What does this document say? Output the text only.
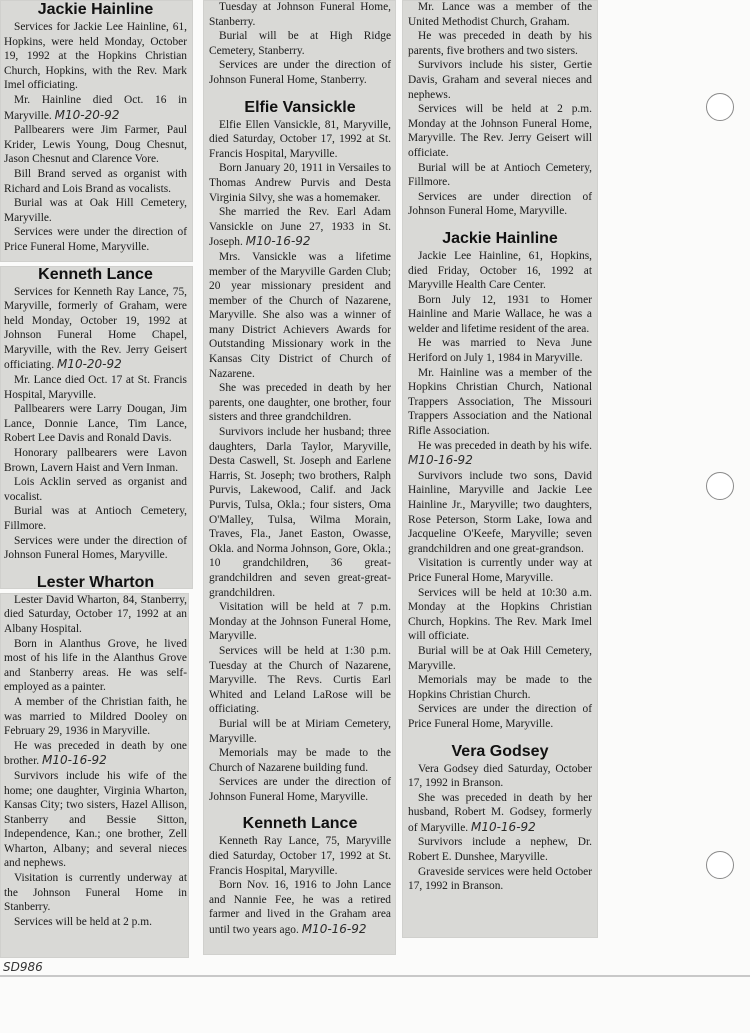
Jackie Hainline

Services for Jackie Lee Hainline, 61, Hopkins, were held Monday, October 19, 1992 at the Hopkins Christian Church, Hopkins, with the Rev. Mark Imel officiating.

Mr. Hainline died Oct. 16 in Maryville. M10-20-92

Pallbearers were Jim Farmer, Paul Krider, Lewis Young, Doug Chesnut, Jason Chesnut and Clarence Vore.

Bill Brand served as organist with Richard and Lois Brand as vocalists.

Burial was at Oak Hill Cemetery, Maryville.

Services were under the direction of Price Funeral Home, Maryville.

Kenneth Lance

Services for Kenneth Ray Lance, 75, Maryville, formerly of Graham, were held Monday, October 19, 1992 at Johnson Funeral Home Chapel, Maryville, with the Rev. Jerry Geisert officiating. M10-20-92

Mr. Lance died Oct. 17 at St. Francis Hospital, Maryville.

Pallbearers were Larry Dougan, Jim Lance, Donnie Lance, Tim Lance, Robert Lee Davis and Ronald Davis.

Honorary pallbearers were Lavon Brown, Lavern Haist and Vern Inman.

Lois Acklin served as organist and vocalist.

Burial was at Antioch Cemetery, Fillmore.

Services were under the direction of Johnson Funeral Homes, Maryville.

Lester Wharton

Lester David Wharton, 84, Stanberry, died Saturday, October 17, 1992 at an Albany Hospital.

Born in Alanthus Grove, he lived most of his life in the Alanthus Grove and Stanberry areas. He was self-employed as a painter.

A member of the Christian faith, he was married to Mildred Dooley on February 29, 1936 in Maryville.

He was preceded in death by one brother. M10-16-92

Survivors include his wife of the home; one daughter, Virginia Wharton, Kansas City; two sisters, Hazel Allison, Stanberry and Bessie Sitton, Independence, Kan.; one brother, Zell Wharton, Albany; and several nieces and nephews.

Visitation is currently underway at the Johnson Funeral Home in Stanberry.

Services will be held at 2 p.m.

Tuesday at Johnson Funeral Home, Stanberry.

Burial will be at High Ridge Cemetery, Stanberry.

Services are under the direction of Johnson Funeral Home, Stanberry.

Elfie Vansickle

Elfie Ellen Vansickle, 81, Maryville, died Saturday, October 17, 1992 at St. Francis Hospital, Maryville.

Born January 20, 1911 in Versailes to Thomas Andrew Purvis and Desta Virginia Silvy, she was a homemaker.

She married the Rev. Earl Adam Vansickle on June 27, 1933 in St. Joseph. M10-16-92

Mrs. Vansickle was a lifetime member of the Maryville Garden Club; 20 year missionary president and member of the Church of Nazarene, Maryville. She also was a winner of many District Achievers Awards for Outstanding Missionary work in the Kansas City District of Church of Nazarene.

She was preceded in death by her parents, one daughter, one brother, four sisters and three grandchildren.

Survivors include her husband; three daughters, Darla Taylor, Maryville, Desta Caswell, St. Joseph and Earlene Harris, St. Joseph; two brothers, Ralph Purvis, Lakewood, Calif. and Jack Purvis, Tulsa, Okla.; four sisters, Oma O'Malley, Tulsa, Wilma Morain, Traves, Fla., Janet Easton, Owasse, Okla. and Norma Johnson, Gore, Okla.; 10 grandchildren, 36 great-grandchildren and seven great-great-grandchildren.

Visitation will be held at 7 p.m. Monday at the Johnson Funeral Home, Maryville.

Services will be held at 1:30 p.m. Tuesday at the Church of Nazarene, Maryville. The Revs. Curtis Earl Whited and Leland LaRose will be officiating.

Burial will be at Miriam Cemetery, Maryville.

Memorials may be made to the Church of Nazarene building fund.

Services are under the direction of Johnson Funeral Home, Maryville.

Kenneth Lance

Kenneth Ray Lance, 75, Maryville died Saturday, October 17, 1992 at St. Francis Hospital, Maryville.

Born Nov. 16, 1916 to John Lance and Nannie Fee, he was a retired farmer and lived in the Graham area until two years ago. M10-16-92

Mr. Lance was a member of the United Methodist Church, Graham.

He was preceded in death by his parents, five brothers and two sisters.

Survivors include his sister, Gertie Davis, Graham and several nieces and nephews.

Services will be held at 2 p.m. Monday at the Johnson Funeral Home, Maryville. The Rev. Jerry Geisert will officiate.

Burial will be at Antioch Cemetery, Fillmore.

Services are under direction of Johnson Funeral Home, Maryville.

Jackie Hainline

Jackie Lee Hainline, 61, Hopkins, died Friday, October 16, 1992 at Maryville Health Care Center.

Born July 12, 1931 to Homer Hainline and Marie Wallace, he was a welder and lifetime resident of the area.

He was married to Neva June Heriford on July 1, 1984 in Maryville.

Mr. Hainline was a member of the Hopkins Christian Church, National Trappers Association, The Missouri Trappers Association and the National Rifle Association.

He was preceded in death by his wife. M10-16-92

Survivors include two sons, David Hainline, Maryville and Jackie Lee Hainline Jr., Maryville; two daughters, Rose Peterson, Storm Lake, Iowa and Jacqueline O'Keefe, Maryville; seven grandchildren and one great-grandson.

Visitation is currently under way at Price Funeral Home, Maryville.

Services will be held at 10:30 a.m. Monday at the Hopkins Christian Church, Hopkins. The Rev. Mark Imel will officiate.

Burial will be at Oak Hill Cemetery, Maryville.

Memorials may be made to the Hopkins Christian Church.

Services are under the direction of Price Funeral Home, Maryville.

Vera Godsey

Vera Godsey died Saturday, October 17, 1992 in Branson.

She was preceded in death by her husband, Robert M. Godsey, formerly of Maryville. M10-16-92

Survivors include a nephew, Dr. Robert E. Dunshee, Maryville.

Graveside services were held October 17, 1992 in Branson.

SD986
